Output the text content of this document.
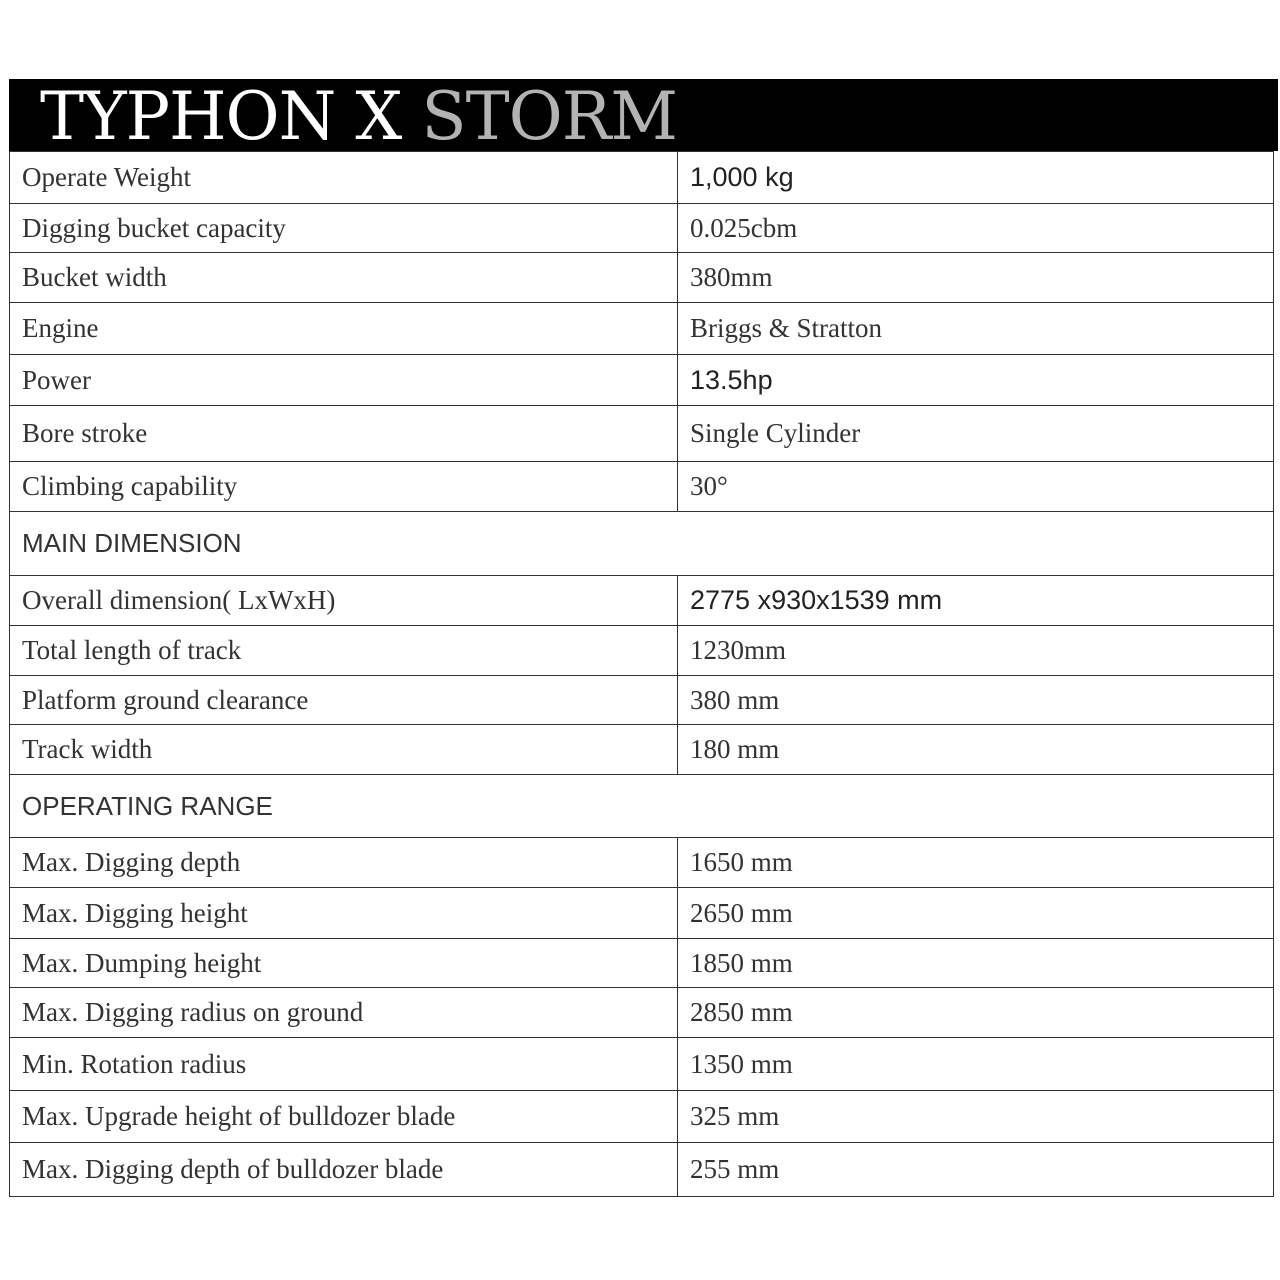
TYPHON X STORM
Operate Weight	1,000 kg
Digging bucket capacity	0.025cbm
Bucket width	380mm
Engine	Briggs & Stratton
Power	13.5hp
Bore stroke	Single Cylinder
Climbing capability	30°
MAIN DIMENSION	
Overall dimension( LxWxH)	2775 x930x1539 mm
Total length of track	1230mm
Platform ground clearance	380 mm
Track width	180 mm
OPERATING RANGE	
Max. Digging depth	1650 mm
Max. Digging height	2650 mm
Max. Dumping height	1850 mm
Max. Digging radius on ground	2850 mm
Min. Rotation radius	1350 mm
Max. Upgrade height of bulldozer blade	325 mm
Max. Digging depth of bulldozer blade	255 mm
